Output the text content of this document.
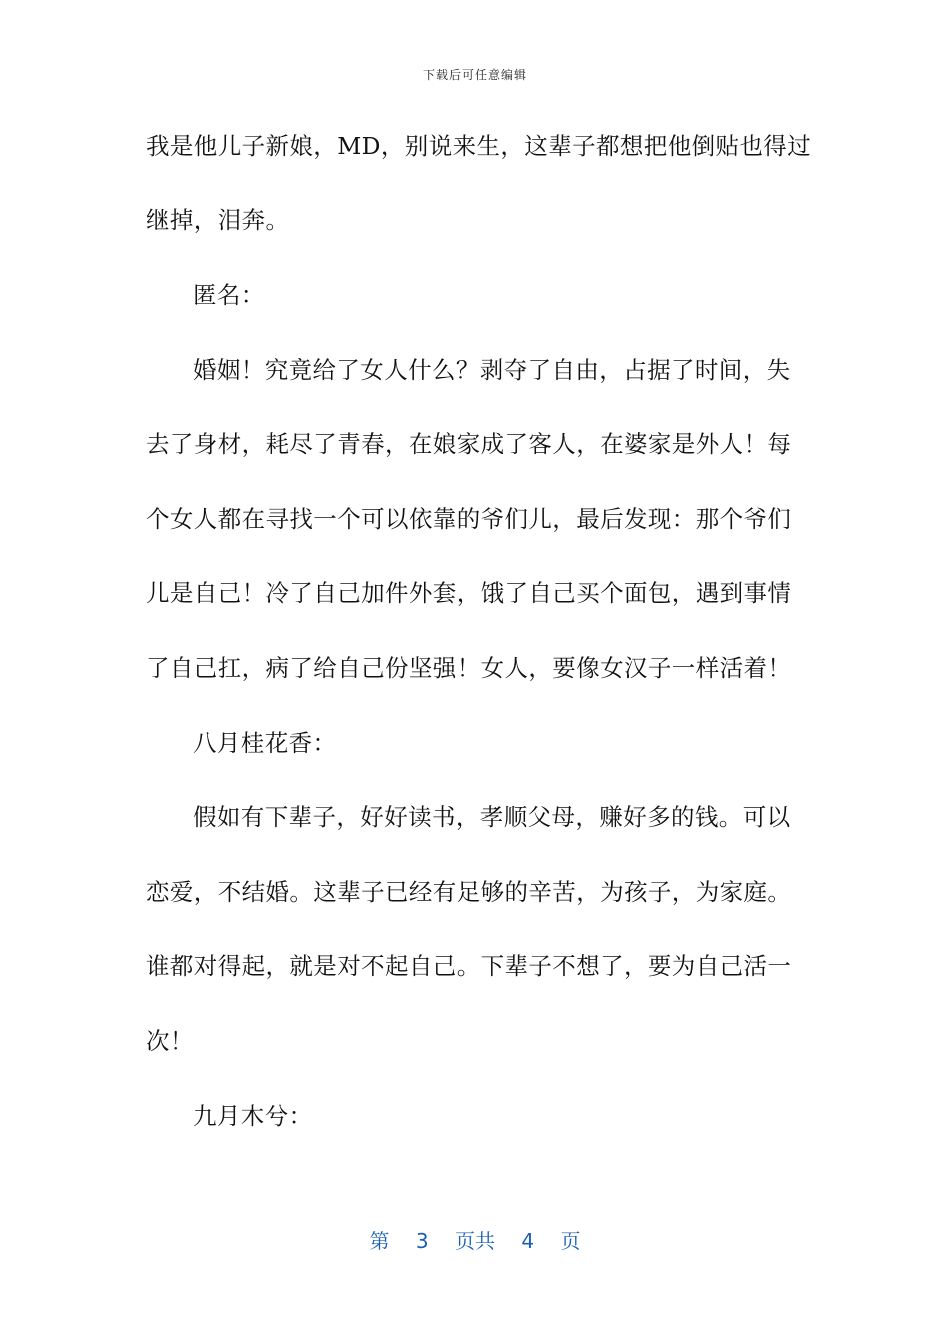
下载后可任意编辑
我是他儿子新娘，MD，别说来生，这辈子都想把他倒贴也得过
继掉，泪奔。
匿名：
婚姻！究竟给了女人什么？剥夺了自由，占据了时间，失
去了身材，耗尽了青春，在娘家成了客人，在婆家是外人！每
个女人都在寻找一个可以依靠的爷们儿，最后发现：那个爷们
儿是自己！冷了自己加件外套，饿了自己买个面包，遇到事情
了自己扛，病了给自己份坚强！女人，要像女汉子一样活着！
八月桂花香：
假如有下辈子，好好读书，孝顺父母，赚好多的钱。可以
恋爱，不结婚。这辈子已经有足够的辛苦，为孩子，为家庭。
谁都对得起，就是对不起自己。下辈子不想了，要为自己活一
次！
九月木兮：
第 3 页共 4 页
